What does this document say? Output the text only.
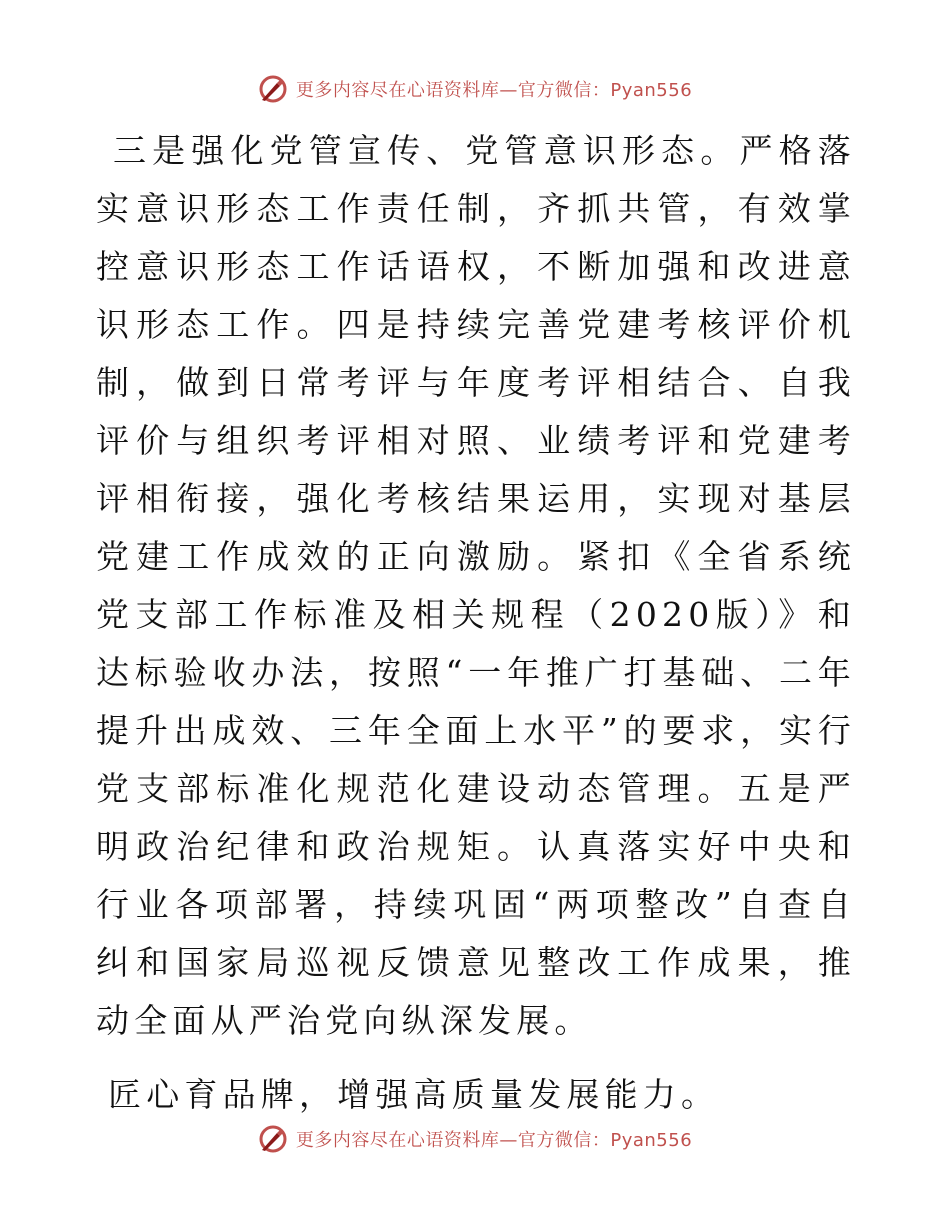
更多内容尽在心语资料库—官方微信：Pyan556

三是强化党管宣传、党管意识形态。严格落实意识形态工作责任制，齐抓共管，有效掌控意识形态工作话语权，不断加强和改进意识形态工作。四是持续完善党建考核评价机制，做到日常考评与年度考评相结合、自我评价与组织考评相对照、业绩考评和党建考评相衔接，强化考核结果运用，实现对基层党建工作成效的正向激励。紧扣《全省系统党支部工作标准及相关规程（2020版）》和达标验收办法，按照“一年推广打基础、二年提升出成效、三年全面上水平”的要求，实行党支部标准化规范化建设动态管理。五是严明政治纪律和政治规矩。认真落实好中央和行业各项部署，持续巩固“两项整改”自查自纠和国家局巡视反馈意见整改工作成果，推动全面从严治党向纵深发展。

匠心育品牌，增强高质量发展能力。

更多内容尽在心语资料库—官方微信：Pyan556
